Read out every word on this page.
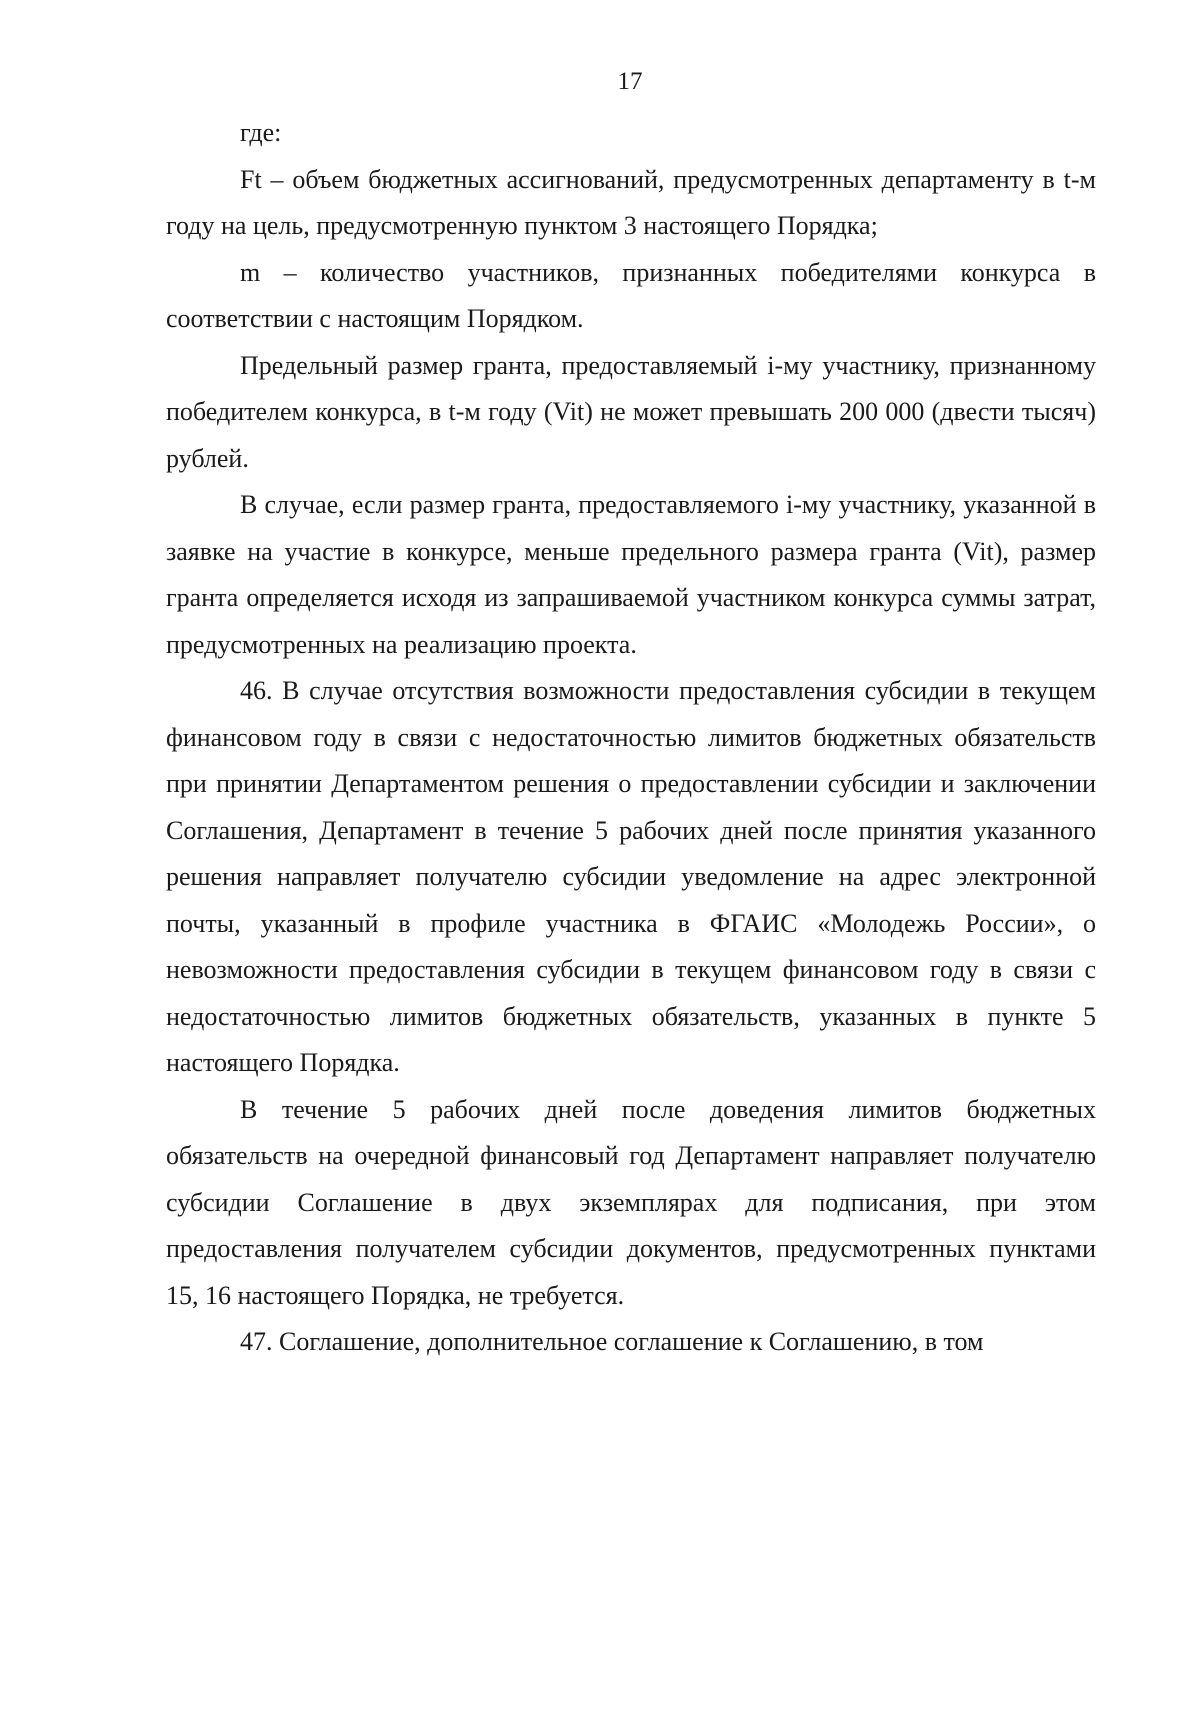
17

где:

Ft – объем бюджетных ассигнований, предусмотренных департаменту в t-м году на цель, предусмотренную пунктом 3 настоящего Порядка;

m – количество участников, признанных победителями конкурса в соответствии с настоящим Порядком.

Предельный размер гранта, предоставляемый i-му участнику, признанному победителем конкурса, в t-м году (Vit) не может превышать 200 000 (двести тысяч) рублей.

В случае, если размер гранта, предоставляемого i-му участнику, указанной в заявке на участие в конкурсе, меньше предельного размера гранта (Vit), размер гранта определяется исходя из запрашиваемой участником конкурса суммы затрат, предусмотренных на реализацию проекта.

46. В случае отсутствия возможности предоставления субсидии в текущем финансовом году в связи с недостаточностью лимитов бюджетных обязательств при принятии Департаментом решения о предоставлении субсидии и заключении Соглашения, Департамент в течение 5 рабочих дней после принятия указанного решения направляет получателю субсидии уведомление на адрес электронной почты, указанный в профиле участника в ФГАИС «Молодежь России», о невозможности предоставления субсидии в текущем финансовом году в связи с недостаточностью лимитов бюджетных обязательств, указанных в пункте 5 настоящего Порядка.

В течение 5 рабочих дней после доведения лимитов бюджетных обязательств на очередной финансовый год Департамент направляет получателю субсидии Соглашение в двух экземплярах для подписания, при этом предоставления получателем субсидии документов, предусмотренных пунктами 15, 16 настоящего Порядка, не требуется.

47. Соглашение, дополнительное соглашение к Соглашению, в том
